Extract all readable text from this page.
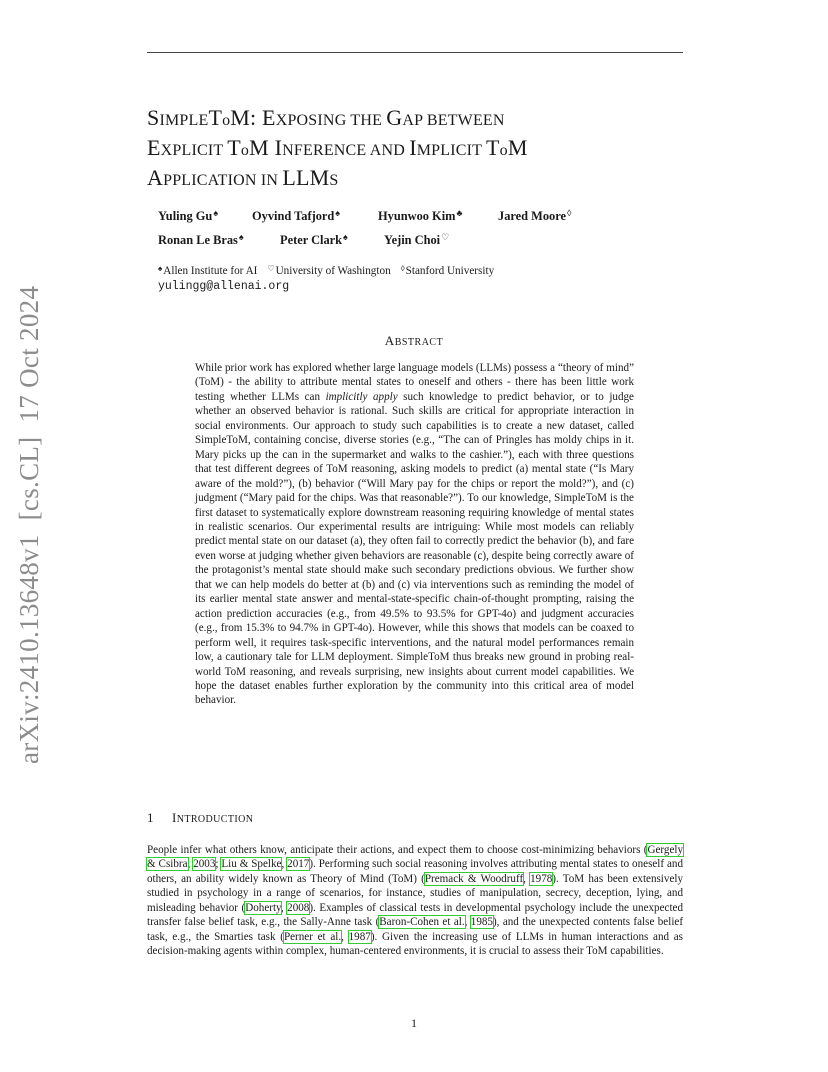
arXiv:2410.13648v1[cs.CL]17 Oct 2024
SIMPLEToM: EXPOSING THE GAP BETWEEN
EXPLICIT ToM INFERENCE AND IMPLICIT ToM
APPLICATION IN LLMS
Yuling Gu♠	Oyvind Tafjord♠	Hyunwoo Kim♣	Jared Moore◊
Ronan Le Bras♠	Peter Clark♠	Yejin Choi♡
♠Allen Institute for AI ♡University of Washington ◊Stanford University
yulingg@allenai.org
ABSTRACT
While prior work has explored whether large language models (LLMs) possess a “theory of mind” (ToM) - the ability to attribute mental states to oneself and others - there has been little work testing whether LLMs can implicitly apply such knowledge to predict behavior, or to judge whether an observed behavior is rational. Such skills are critical for appropriate interaction in social environments. Our approach to study such capabilities is to create a new dataset, called SimpleToM, containing concise, diverse stories (e.g., “The can of Pringles has moldy chips in it. Mary picks up the can in the supermarket and walks to the cashier.”), each with three questions that test different degrees of ToM reasoning, asking models to predict (a) mental state (“Is Mary aware of the mold?”), (b) behavior (“Will Mary pay for the chips or report the mold?”), and (c) judgment (“Mary paid for the chips. Was that reasonable?”). To our knowledge, SimpleToM is the first dataset to systematically explore downstream reasoning requiring knowledge of mental states in realistic scenarios. Our experimental results are intriguing: While most models can reliably predict mental state on our dataset (a), they often fail to correctly predict the behavior (b), and fare even worse at judging whether given behaviors are reasonable (c), despite being correctly aware of the protagonist’s mental state should make such secondary predictions obvious. We further show that we can help models do better at (b) and (c) via interventions such as reminding the model of its earlier mental state answer and mental-state-specific chain-of-thought prompting, raising the action prediction accuracies (e.g., from 49.5% to 93.5% for GPT-4o) and judgment accuracies (e.g., from 15.3% to 94.7% in GPT-4o). However, while this shows that models can be coaxed to perform well, it requires task-specific interventions, and the natural model performances remain low, a cautionary tale for LLM deployment. SimpleToM thus breaks new ground in probing real-world ToM reasoning, and reveals surprising, new insights about current model capabilities. We hope the dataset enables further exploration by the community into this critical area of model behavior.
1 INTRODUCTION
People infer what others know, anticipate their actions, and expect them to choose cost-minimizing behaviors (Gergely & Csibra, 2003; Liu & Spelke, 2017). Performing such social reasoning involves attributing mental states to oneself and others, an ability widely known as Theory of Mind (ToM) (Premack & Woodruff, 1978). ToM has been extensively studied in psychology in a range of scenarios, for instance, studies of manipulation, secrecy, deception, lying, and misleading behavior (Doherty, 2008). Examples of classical tests in developmental psychology include the unexpected transfer false belief task, e.g., the Sally-Anne task (Baron-Cohen et al., 1985), and the unexpected contents false belief task, e.g., the Smarties task (Perner et al., 1987). Given the increasing use of LLMs in human interactions and as decision-making agents within complex, human-centered environments, it is crucial to assess their ToM capabilities.
1
